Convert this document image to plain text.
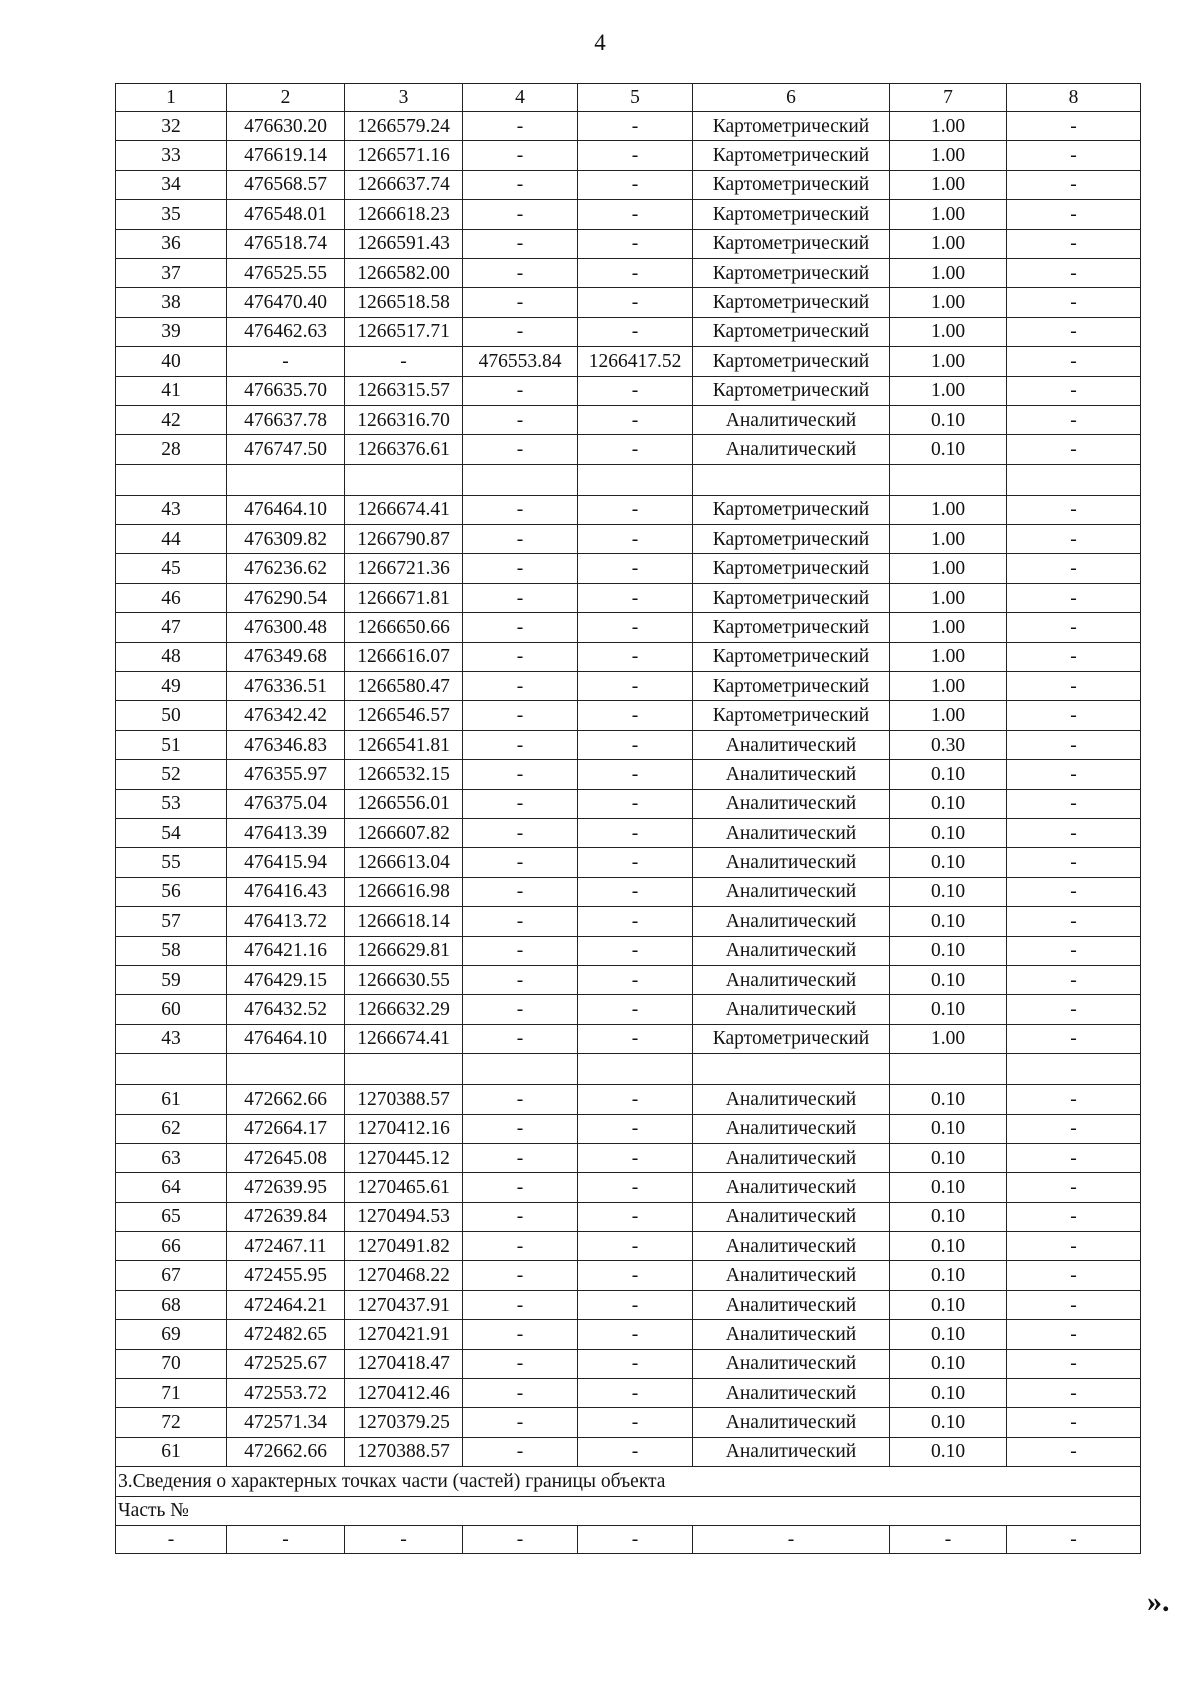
4
1	2	3	4	5	6	7	8
32	476630.20	1266579.24	-	-	Картометрический	1.00	-
33	476619.14	1266571.16	-	-	Картометрический	1.00	-
34	476568.57	1266637.74	-	-	Картометрический	1.00	-
35	476548.01	1266618.23	-	-	Картометрический	1.00	-
36	476518.74	1266591.43	-	-	Картометрический	1.00	-
37	476525.55	1266582.00	-	-	Картометрический	1.00	-
38	476470.40	1266518.58	-	-	Картометрический	1.00	-
39	476462.63	1266517.71	-	-	Картометрический	1.00	-
40	-	-	476553.84	1266417.52	Картометрический	1.00	-
41	476635.70	1266315.57	-	-	Картометрический	1.00	-
42	476637.78	1266316.70	-	-	Аналитический	0.10	-
28	476747.50	1266376.61	-	-	Аналитический	0.10	-

43	476464.10	1266674.41	-	-	Картометрический	1.00	-
44	476309.82	1266790.87	-	-	Картометрический	1.00	-
45	476236.62	1266721.36	-	-	Картометрический	1.00	-
46	476290.54	1266671.81	-	-	Картометрический	1.00	-
47	476300.48	1266650.66	-	-	Картометрический	1.00	-
48	476349.68	1266616.07	-	-	Картометрический	1.00	-
49	476336.51	1266580.47	-	-	Картометрический	1.00	-
50	476342.42	1266546.57	-	-	Картометрический	1.00	-
51	476346.83	1266541.81	-	-	Аналитический	0.30	-
52	476355.97	1266532.15	-	-	Аналитический	0.10	-
53	476375.04	1266556.01	-	-	Аналитический	0.10	-
54	476413.39	1266607.82	-	-	Аналитический	0.10	-
55	476415.94	1266613.04	-	-	Аналитический	0.10	-
56	476416.43	1266616.98	-	-	Аналитический	0.10	-
57	476413.72	1266618.14	-	-	Аналитический	0.10	-
58	476421.16	1266629.81	-	-	Аналитический	0.10	-
59	476429.15	1266630.55	-	-	Аналитический	0.10	-
60	476432.52	1266632.29	-	-	Аналитический	0.10	-
43	476464.10	1266674.41	-	-	Картометрический	1.00	-

61	472662.66	1270388.57	-	-	Аналитический	0.10	-
62	472664.17	1270412.16	-	-	Аналитический	0.10	-
63	472645.08	1270445.12	-	-	Аналитический	0.10	-
64	472639.95	1270465.61	-	-	Аналитический	0.10	-
65	472639.84	1270494.53	-	-	Аналитический	0.10	-
66	472467.11	1270491.82	-	-	Аналитический	0.10	-
67	472455.95	1270468.22	-	-	Аналитический	0.10	-
68	472464.21	1270437.91	-	-	Аналитический	0.10	-
69	472482.65	1270421.91	-	-	Аналитический	0.10	-
70	472525.67	1270418.47	-	-	Аналитический	0.10	-
71	472553.72	1270412.46	-	-	Аналитический	0.10	-
72	472571.34	1270379.25	-	-	Аналитический	0.10	-
61	472662.66	1270388.57	-	-	Аналитический	0.10	-
3.Сведения о характерных точках части (частей) границы объекта							
Часть №							
-	-	-	-	-	-	-	-
».
